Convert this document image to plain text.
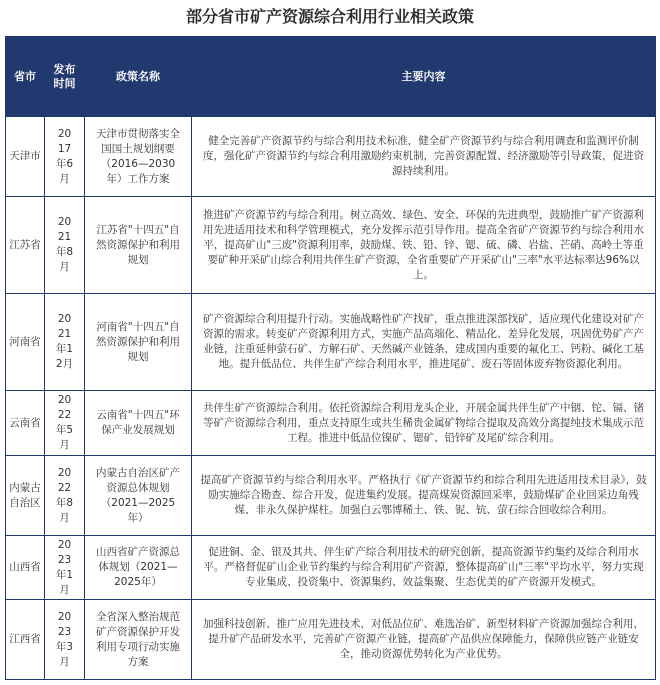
部分省市矿产资源综合利用行业相关政策
省市	发布时间	政策名称	主要内容
天津市	2017年6月	天津市贯彻落实全国国土规划纲要（2016—2030年）工作方案	健全完善矿产资源节约与综合利用技术标准，健全矿产资源节约与综合利用调查和监测评价制度，强化矿产资源节约与综合利用激励约束机制，完善资源配置、经济激励等引导政策，促进资源持续利用。
江苏省	2021年8月	江苏省"十四五"自然资源保护和利用规划	推进矿产资源节约与综合利用。树立高效、绿色、安全、环保的先进典型，鼓励推广矿产资源利用先进适用技术和科学管理模式，充分发挥示范引导作用。提高全省矿产资源节约与综合利用水平，提高矿山"三废"资源利用率，鼓励煤、铁、铅、锌、锶、硫、磷、岩盐、芒硝、高岭土等重要矿种开采矿山综合利用共伴生矿产资源，全省重要矿产开采矿山"三率"水平达标率达96%以上。
河南省	2021年12月	河南省"十四五"自然资源保护和利用规划	矿产资源综合利用提升行动。实施战略性矿产找矿，重点推进深部找矿，适应现代化建设对矿产资源的需求。转变矿产资源利用方式，实施产品高端化、精品化、差异化发展，巩固优势矿产产业链，注重延伸萤石矿、方解石矿、天然碱产业链条，建成国内重要的氟化工、钙粉、碱化工基地。提升低品位、共伴生矿产综合利用水平，推进尾矿、废石等固体废弃物资源化利用。
云南省	2022年5月	云南省"十四五"环保产业发展规划	共伴生矿产资源综合利用。依托资源综合利用龙头企业，开展金属共伴生矿产中铟、铊、镉、锗等矿产资源综合利用，重点支持原生或共生稀贵金属矿物综合提取及高效分离提纯技术集成示范工程。推进中低品位镍矿、锶矿、铅锌矿及尾矿综合利用。
内蒙古自治区	2022年8月	内蒙古自治区矿产资源总体规划（2021—2025年）	提高矿产资源节约与综合利用水平。严格执行《矿产资源节约和综合利用先进适用技术目录》，鼓励实施综合勘查、综合开发，促进集约发展。提高煤炭资源回采率，鼓励煤矿企业回采边角残煤、非永久保护煤柱。加强白云鄂博稀土、铁、铌、钪、萤石综合回收综合利用。
山西省	2023年1月	山西省矿产资源总体规划（2021—2025年）	促进铜、金、银及其共、伴生矿产综合利用技术的研究创新，提高资源节约集约及综合利用水平。严格督促矿山企业节约集约与综合利用矿产资源，整体提高矿山"三率"平均水平，努力实现专业集成、投资集中、资源集约、效益集聚、生态优美的矿产资源开发模式。
江西省	2023年3月	全省深入整治规范矿产资源保护开发利用专项行动实施方案	加强科技创新、推广应用先进技术，对低品位矿、难选冶矿、新型材料矿产资源加强综合利用，提升矿产品研发水平，完善矿产资源产业链，提高矿产品供应保障能力，保障供应链产业链安全，推动资源优势转化为产业优势。
